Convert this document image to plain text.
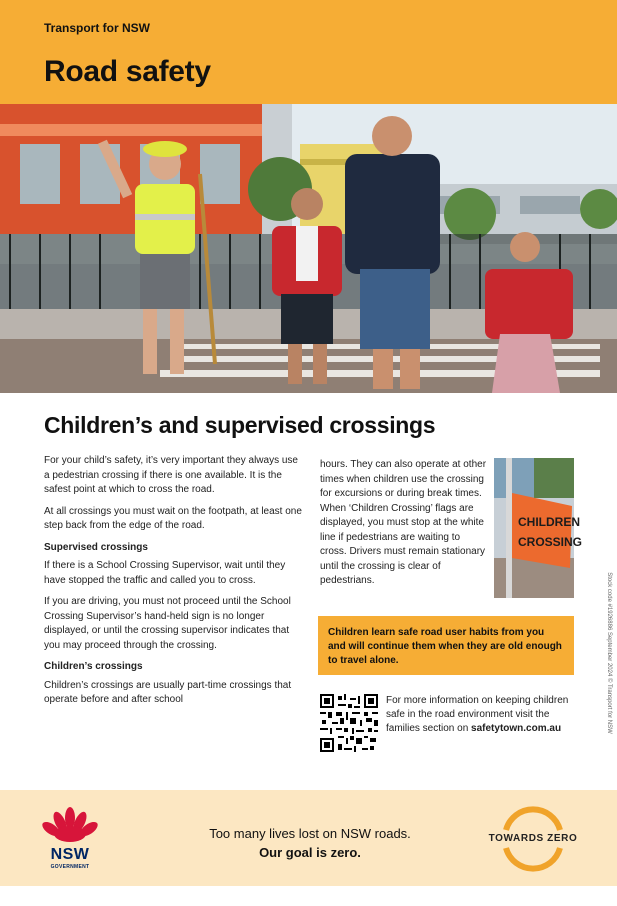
Transport for NSW
Road safety
Children’s and supervised crossings

For your child’s safety, it’s very important they always use a pedestrian crossing if there is one available. It is the safest point at which to cross the road.

At all crossings you must wait on the footpath, at least one step back from the edge of the road.

Supervised crossings

If there is a School Crossing Supervisor, wait until they have stopped the traffic and called you to cross.

If you are driving, you must not proceed until the School Crossing Supervisor’s hand-held sign is no longer displayed, or until the crossing supervisor indicates that you may proceed through the crossing.

Children’s crossings

Children’s crossings are usually part-time crossings that operate before and after school

hours. They can also operate at other times when children use the crossing for excursions or during break times. When ‘Children Crossing’ flags are displayed, you must stop at the white line if pedestrians are waiting to cross. Drivers must remain stationary until the crossing is clear of pedestrians.

CHILDREN
CROSSING
Children learn safe road user habits from you and will continue them when they are old enough to travel alone.
For more information on keeping children safe in the road environment visit the families section on safetytown.com.au	Stock code #1926886 September 2024 © Transport for NSW
NSW
GOVERNMENT
Too many lives lost on NSW roads.
Our goal is zero.
TOWARDS ZERO
